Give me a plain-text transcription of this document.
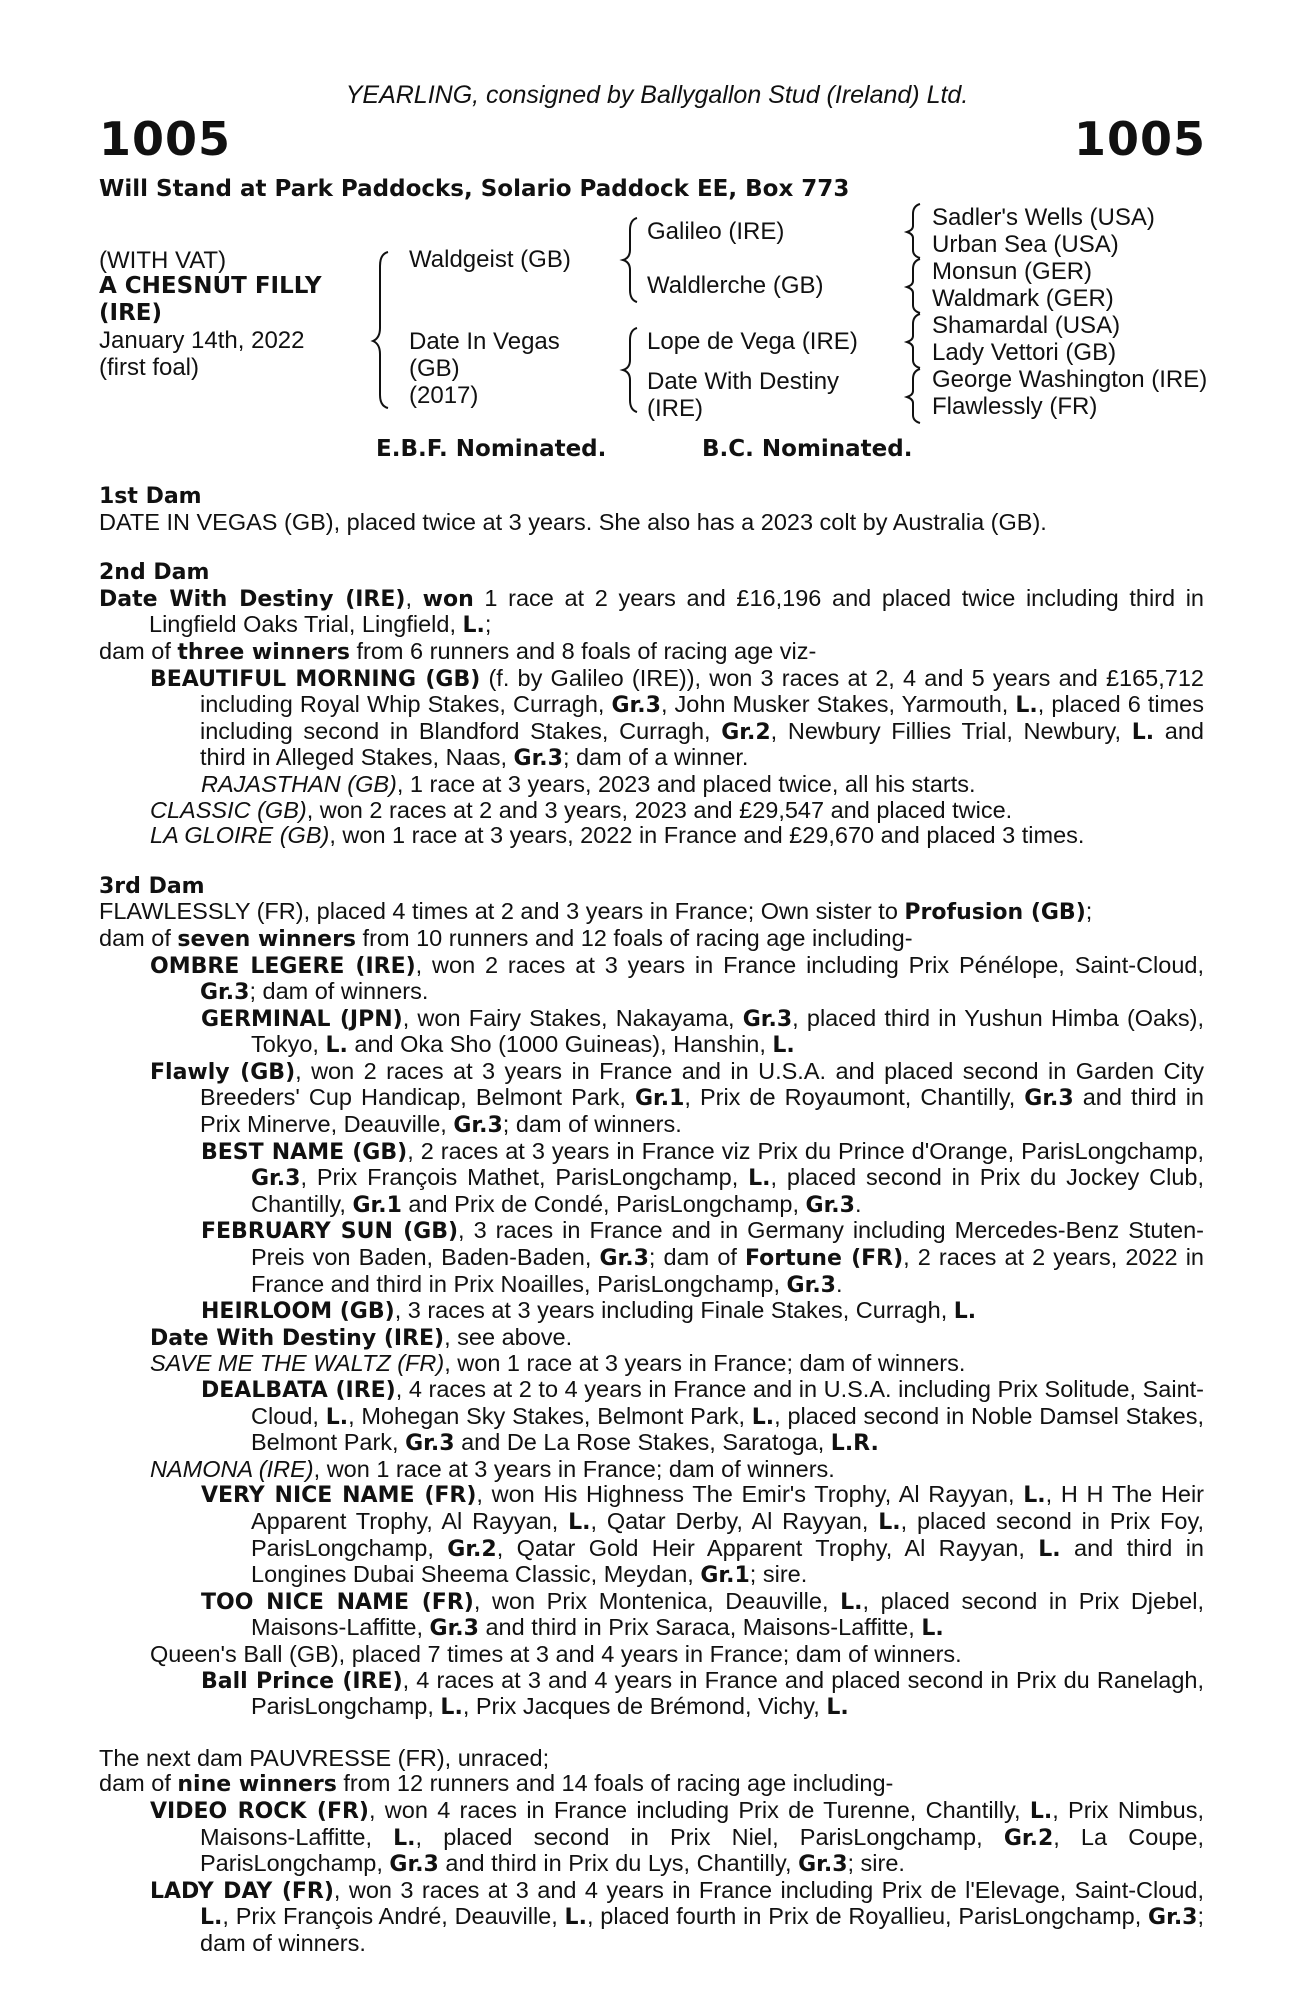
YEARLING, consigned by Ballygallon Stud (Ireland) Ltd.
1005	1005
Will Stand at Park Paddocks, Solario Paddock EE, Box 773
(WITH VAT)
A CHESNUT FILLY
(IRE)
January 14th, 2022
(first foal)
Waldgeist (GB)
Date In Vegas
(GB)
(2017)
Galileo (IRE)
Waldlerche (GB)
Lope de Vega (IRE)
Date With Destiny
(IRE)
Sadler's Wells (USA)
Urban Sea (USA)
Monsun (GER)
Waldmark (GER)
Shamardal (USA)
Lady Vettori (GB)
George Washington (IRE)
Flawlessly (FR)
E.B.F. Nominated.	B.C. Nominated.
1st Dam
DATE IN VEGAS (GB), placed twice at 3 years. She also has a 2023 colt by Australia (GB).
2nd Dam
Date With Destiny (IRE), won 1 race at 2 years and £16,196 and placed twice including third in Lingfield Oaks Trial, Lingfield, L.;
dam of three winners from 6 runners and 8 foals of racing age viz-
BEAUTIFUL MORNING (GB) (f. by Galileo (IRE)), won 3 races at 2, 4 and 5 years and £165,712 including Royal Whip Stakes, Curragh, Gr.3, John Musker Stakes, Yarmouth, L., placed 6 times including second in Blandford Stakes, Curragh, Gr.2, Newbury Fillies Trial, Newbury, L. and third in Alleged Stakes, Naas, Gr.3; dam of a winner.
RAJASTHAN (GB), 1 race at 3 years, 2023 and placed twice, all his starts.
CLASSIC (GB), won 2 races at 2 and 3 years, 2023 and £29,547 and placed twice.
LA GLOIRE (GB), won 1 race at 3 years, 2022 in France and £29,670 and placed 3 times.
3rd Dam
FLAWLESSLY (FR), placed 4 times at 2 and 3 years in France; Own sister to Profusion (GB);
dam of seven winners from 10 runners and 12 foals of racing age including-
OMBRE LEGERE (IRE), won 2 races at 3 years in France including Prix Pénélope, Saint-Cloud, Gr.3; dam of winners.
GERMINAL (JPN), won Fairy Stakes, Nakayama, Gr.3, placed third in Yushun Himba (Oaks), Tokyo, L. and Oka Sho (1000 Guineas), Hanshin, L.
Flawly (GB), won 2 races at 3 years in France and in U.S.A. and placed second in Garden City Breeders' Cup Handicap, Belmont Park, Gr.1, Prix de Royaumont, Chantilly, Gr.3 and third in Prix Minerve, Deauville, Gr.3; dam of winners.
BEST NAME (GB), 2 races at 3 years in France viz Prix du Prince d'Orange, ParisLongchamp, Gr.3, Prix François Mathet, ParisLongchamp, L., placed second in Prix du Jockey Club, Chantilly, Gr.1 and Prix de Condé, ParisLongchamp, Gr.3.
FEBRUARY SUN (GB), 3 races in France and in Germany including Mercedes-Benz Stuten-Preis von Baden, Baden-Baden, Gr.3; dam of Fortune (FR), 2 races at 2 years, 2022 in France and third in Prix Noailles, ParisLongchamp, Gr.3.
HEIRLOOM (GB), 3 races at 3 years including Finale Stakes, Curragh, L.
Date With Destiny (IRE), see above.
SAVE ME THE WALTZ (FR), won 1 race at 3 years in France; dam of winners.
DEALBATA (IRE), 4 races at 2 to 4 years in France and in U.S.A. including Prix Solitude, Saint-Cloud, L., Mohegan Sky Stakes, Belmont Park, L., placed second in Noble Damsel Stakes, Belmont Park, Gr.3 and De La Rose Stakes, Saratoga, L.R.
NAMONA (IRE), won 1 race at 3 years in France; dam of winners.
VERY NICE NAME (FR), won His Highness The Emir's Trophy, Al Rayyan, L., H H The Heir Apparent Trophy, Al Rayyan, L., Qatar Derby, Al Rayyan, L., placed second in Prix Foy, ParisLongchamp, Gr.2, Qatar Gold Heir Apparent Trophy, Al Rayyan, L. and third in Longines Dubai Sheema Classic, Meydan, Gr.1; sire.
TOO NICE NAME (FR), won Prix Montenica, Deauville, L., placed second in Prix Djebel, Maisons-Laffitte, Gr.3 and third in Prix Saraca, Maisons-Laffitte, L.
Queen's Ball (GB), placed 7 times at 3 and 4 years in France; dam of winners.
Ball Prince (IRE), 4 races at 3 and 4 years in France and placed second in Prix du Ranelagh, ParisLongchamp, L., Prix Jacques de Brémond, Vichy, L.
The next dam PAUVRESSE (FR), unraced;
dam of nine winners from 12 runners and 14 foals of racing age including-
VIDEO ROCK (FR), won 4 races in France including Prix de Turenne, Chantilly, L., Prix Nimbus, Maisons-Laffitte, L., placed second in Prix Niel, ParisLongchamp, Gr.2, La Coupe, ParisLongchamp, Gr.3 and third in Prix du Lys, Chantilly, Gr.3; sire.
LADY DAY (FR), won 3 races at 3 and 4 years in France including Prix de l'Elevage, Saint-Cloud, L., Prix François André, Deauville, L., placed fourth in Prix de Royallieu, ParisLongchamp, Gr.3; dam of winners.
